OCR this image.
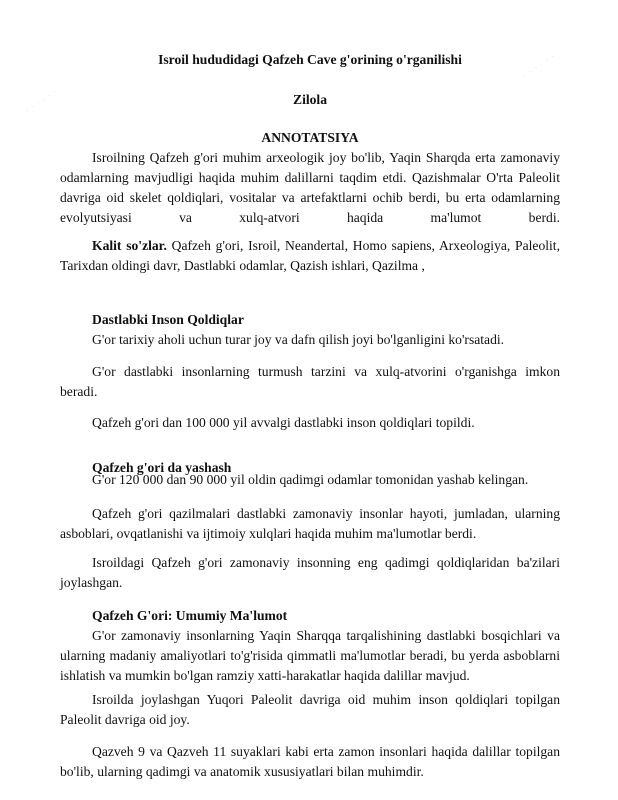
· · · · · ·
· · · · · ·

Isroil hududidagi Qafzeh Cave g'orining o'rganilishi

Zilola

ANNOTATSIYA

Isroilning Qafzeh g'ori muhim arxeologik joy bo'lib, Yaqin Sharqda erta zamonaviy odamlarning mavjudligi haqida muhim dalillarni taqdim etdi. Qazishmalar O'rta Paleolit davriga oid skelet qoldiqlari, vositalar va artefaktlarni ochib berdi, bu erta odamlarning evolyutsiyasi va xulq-atvori haqida ma'lumot berdi.

Kalit so'zlar. Qafzeh g'ori, Isroil, Neandertal, Homo sapiens, Arxeologiya, Paleolit, Tarixdan oldingi davr, Dastlabki odamlar, Qazish ishlari, Qazilma ,

Dastlabki Inson Qoldiqlar

G'or tarixiy aholi uchun turar joy va dafn qilish joyi bo'lganligini ko'rsatadi.

G'or dastlabki insonlarning turmush tarzini va xulq-atvorini o'rganishga imkon beradi.

Qafzeh g'ori dan 100 000 yil avvalgi dastlabki inson qoldiqlari topildi.

Qafzeh g'ori da yashash

G'or 120 000 dan 90 000 yil oldin qadimgi odamlar tomonidan yashab kelingan.

Qafzeh g'ori qazilmalari dastlabki zamonaviy insonlar hayoti, jumladan, ularning asboblari, ovqatlanishi va ijtimoiy xulqlari haqida muhim ma'lumotlar berdi.

Isroildagi Qafzeh g'ori zamonaviy insonning eng qadimgi qoldiqlaridan ba'zilari joylashgan.

Qafzeh G'ori: Umumiy Ma'lumot

G'or zamonaviy insonlarning Yaqin Sharqqa tarqalishining dastlabki bosqichlari va ularning madaniy amaliyotlari to'g'risida qimmatli ma'lumotlar beradi, bu yerda asboblarni ishlatish va mumkin bo'lgan ramziy xatti-harakatlar haqida dalillar mavjud.

Isroilda joylashgan Yuqori Paleolit davriga oid muhim inson qoldiqlari topilgan Paleolit davriga oid joy.

Qazveh 9 va Qazveh 11 suyaklari kabi erta zamon insonlari haqida dalillar topilgan bo'lib, ularning qadimgi va anatomik xususiyatlari bilan muhimdir.
